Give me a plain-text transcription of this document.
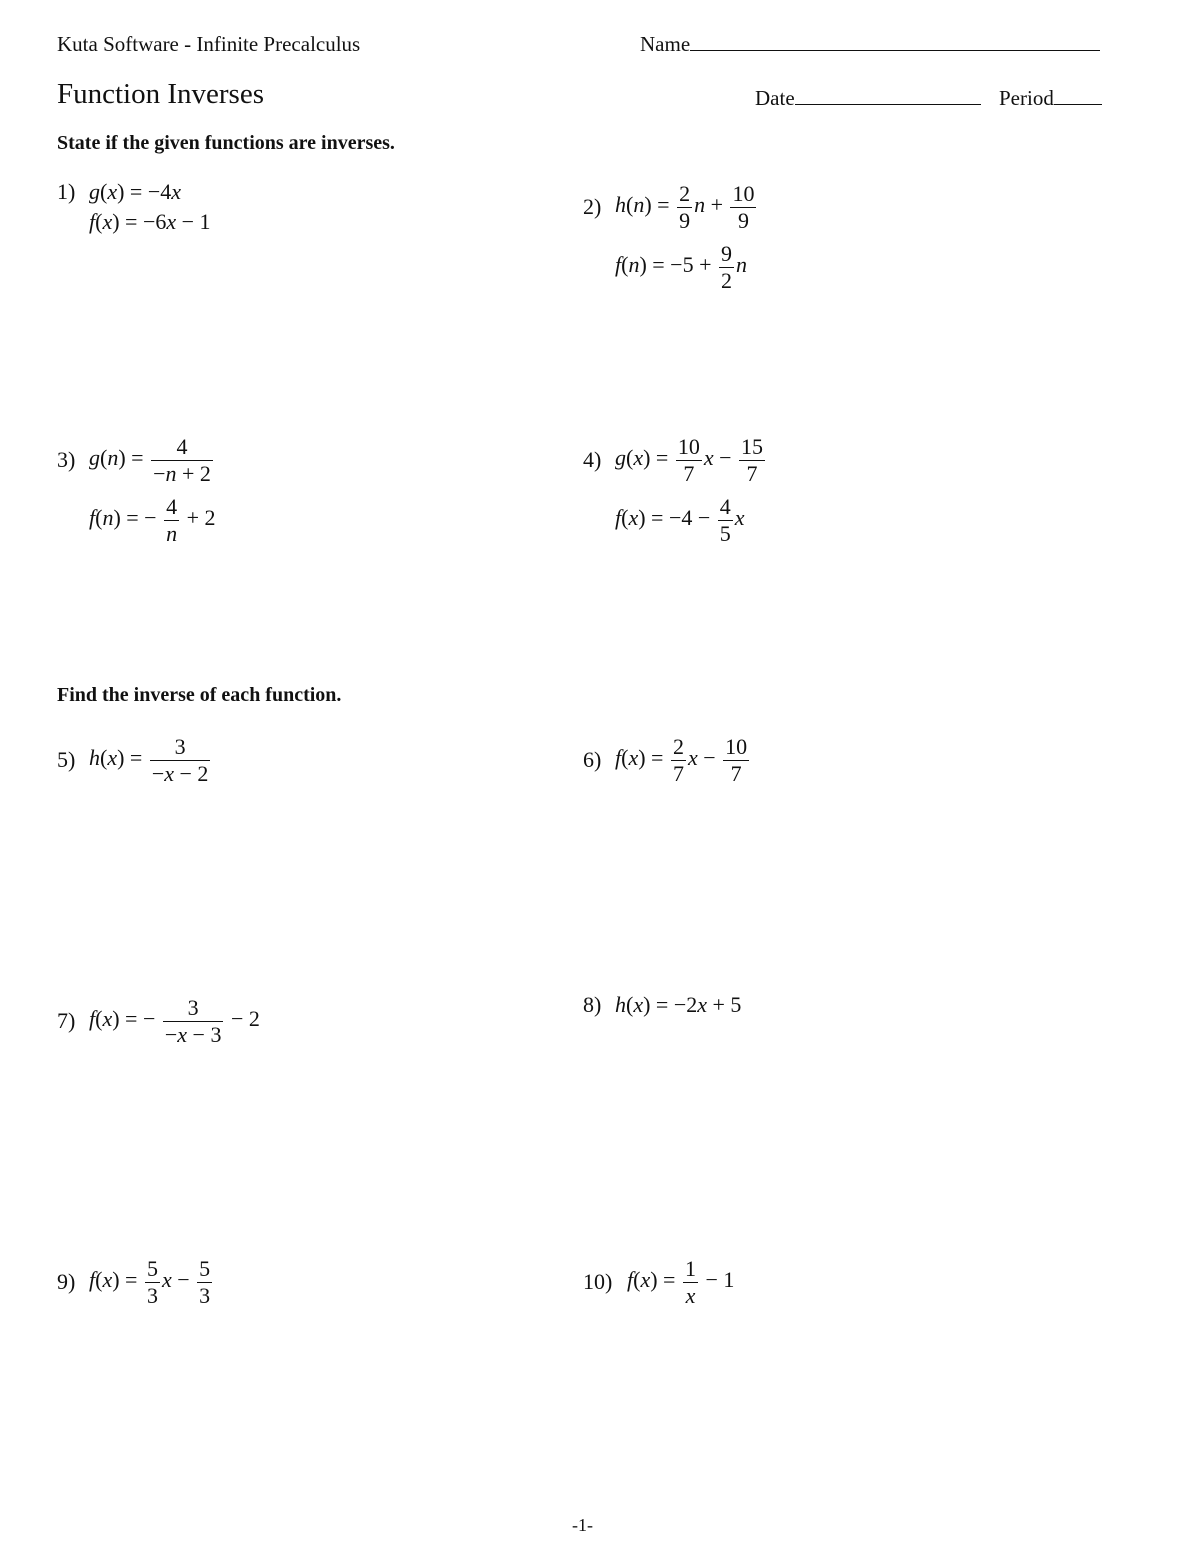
Kuta Software - Infinite Precalculus	Name
Function Inverses	Date	Period
State if the given functions are inverses.
1) g(x) = −4x
f(x) = −6x − 1
2) $h(n) = \frac{2}{9}$ $n + \frac{10}{9}$
$f(n) = -5 + \frac{9}{2}$ n
3) $g(n) = \frac{4}{-n + 2}$
f(n) = − $\frac{4}{n} + 2$
4) $g(x) = \frac{10}{7}$ $x - \frac{15}{7}$
$f(x) = -4 - \frac{4}{5}$ x
Find the inverse of each function.
5) $h(x) = \frac{3}{-x - 2}$	6) $f(x) = \frac{2}{7}$ $x - \frac{10}{7}$
7) f(x) = − $\frac{3}{-x - 3} - 2$
8) h(x) = −2x + 5
9) $f(x) = \frac{5}{3}$ $x - \frac{5}{3}$	10) $f(x) = \frac{1}{x} - 1$
-1-
